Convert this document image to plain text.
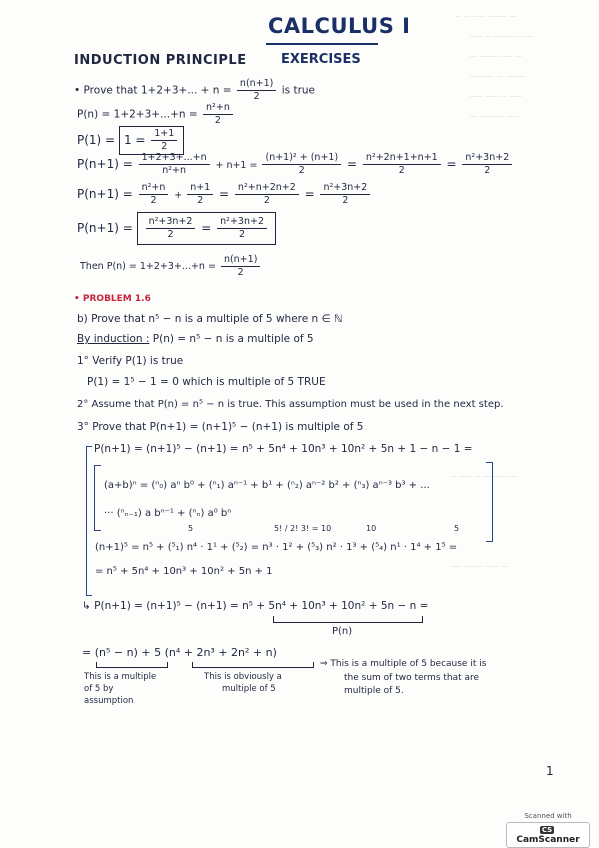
─ ─ ── ─── ─
── ─ ──── ──
─ ─── ── ─
──── ─ ───
── ── ─ ──
─ ──── ──
─ ── ─ ──── ─
── ─── ── ─
CALCULUS I
EXERCISES
INDUCTION PRINCIPLE
• Prove that 1+2+3+... + $n = \frac{n(n+1)}{2}$ is true
$P(n) = 1+2+3+...+n = \frac{\text{n²+n}}{2}$
$P(1) = 1 = \frac{1+1}{2}$
$P(n+1) = \frac{1+2+3+...+n}{\text{n²+n}} + n+1 = \frac{\text{(n+1)² + (n+1)}}{2} = \frac{\text{n²+2n+1+n+1}}{2} = \frac{\text{n²+3n+2}}{2}$
$P(n+1) = \frac{\text{n²+n}}{2} + \frac{n+1}{2} = \frac{\text{n²+n+2n+2}}{2} = \frac{\text{n²+3n+2}}{2}$
$P(n+1) = \frac{\text{n²+3n+2}}{2} = \frac{\text{n²+3n+2}}{2}$
Then $P(n) = 1+2+3+...+n = \frac{n(n+1)}{2}$
• PROBLEM 1.6
b) Prove that n⁵ − n is a multiple of 5 where n ∈ ℕ
By induction : P(n) = n⁵ − n is a multiple of 5
1° Verify P(1) is true
P(1) = 1⁵ − 1 = 0 which is multiple of 5 TRUE
2° Assume that P(n) = n⁵ − n is true. This assumption must be used in the next step.
3° Prove that P(n+1) = (n+1)⁵ − (n+1) is multiple of 5
P(n+1) = (n+1)⁵ − (n+1) = n⁵ + 5n⁴ + 10n³ + 10n² + 5n + 1 − n − 1 =
(a+b)ⁿ = (ⁿ₀) aⁿ b⁰ + (ⁿ₁) aⁿ⁻¹ + b¹ + (ⁿ₂) aⁿ⁻² b² + (ⁿ₃) aⁿ⁻³ b³ + ...
··· (ⁿₙ₋₁) a bⁿ⁻¹ + (ⁿₙ) a⁰ bⁿ
5! / 2! 3! = 10	10
5	5
(n+1)⁵ = n⁵ + (⁵₁) n⁴ · 1¹ + (⁵₂) = n³ · 1² + (⁵₃) n² · 1³ + (⁵₄) n¹ · 1⁴ + 1⁵ =
= n⁵ + 5n⁴ + 10n³ + 10n² + 5n + 1
↳ P(n+1) = (n+1)⁵ − (n+1) = n⁵ + 5n⁴ + 10n³ + 10n² + 5n − n =
P(n)
= (n⁵ − n) + 5 (n⁴ + 2n³ + 2n² + n)
This is a multiple
of 5 by
assumption
This is obviously a
multiple of 5
⇒ This is a multiple of 5 because it is
the sum of two terms that are
multiple of 5.
1
Scanned with
CSCamScanner
